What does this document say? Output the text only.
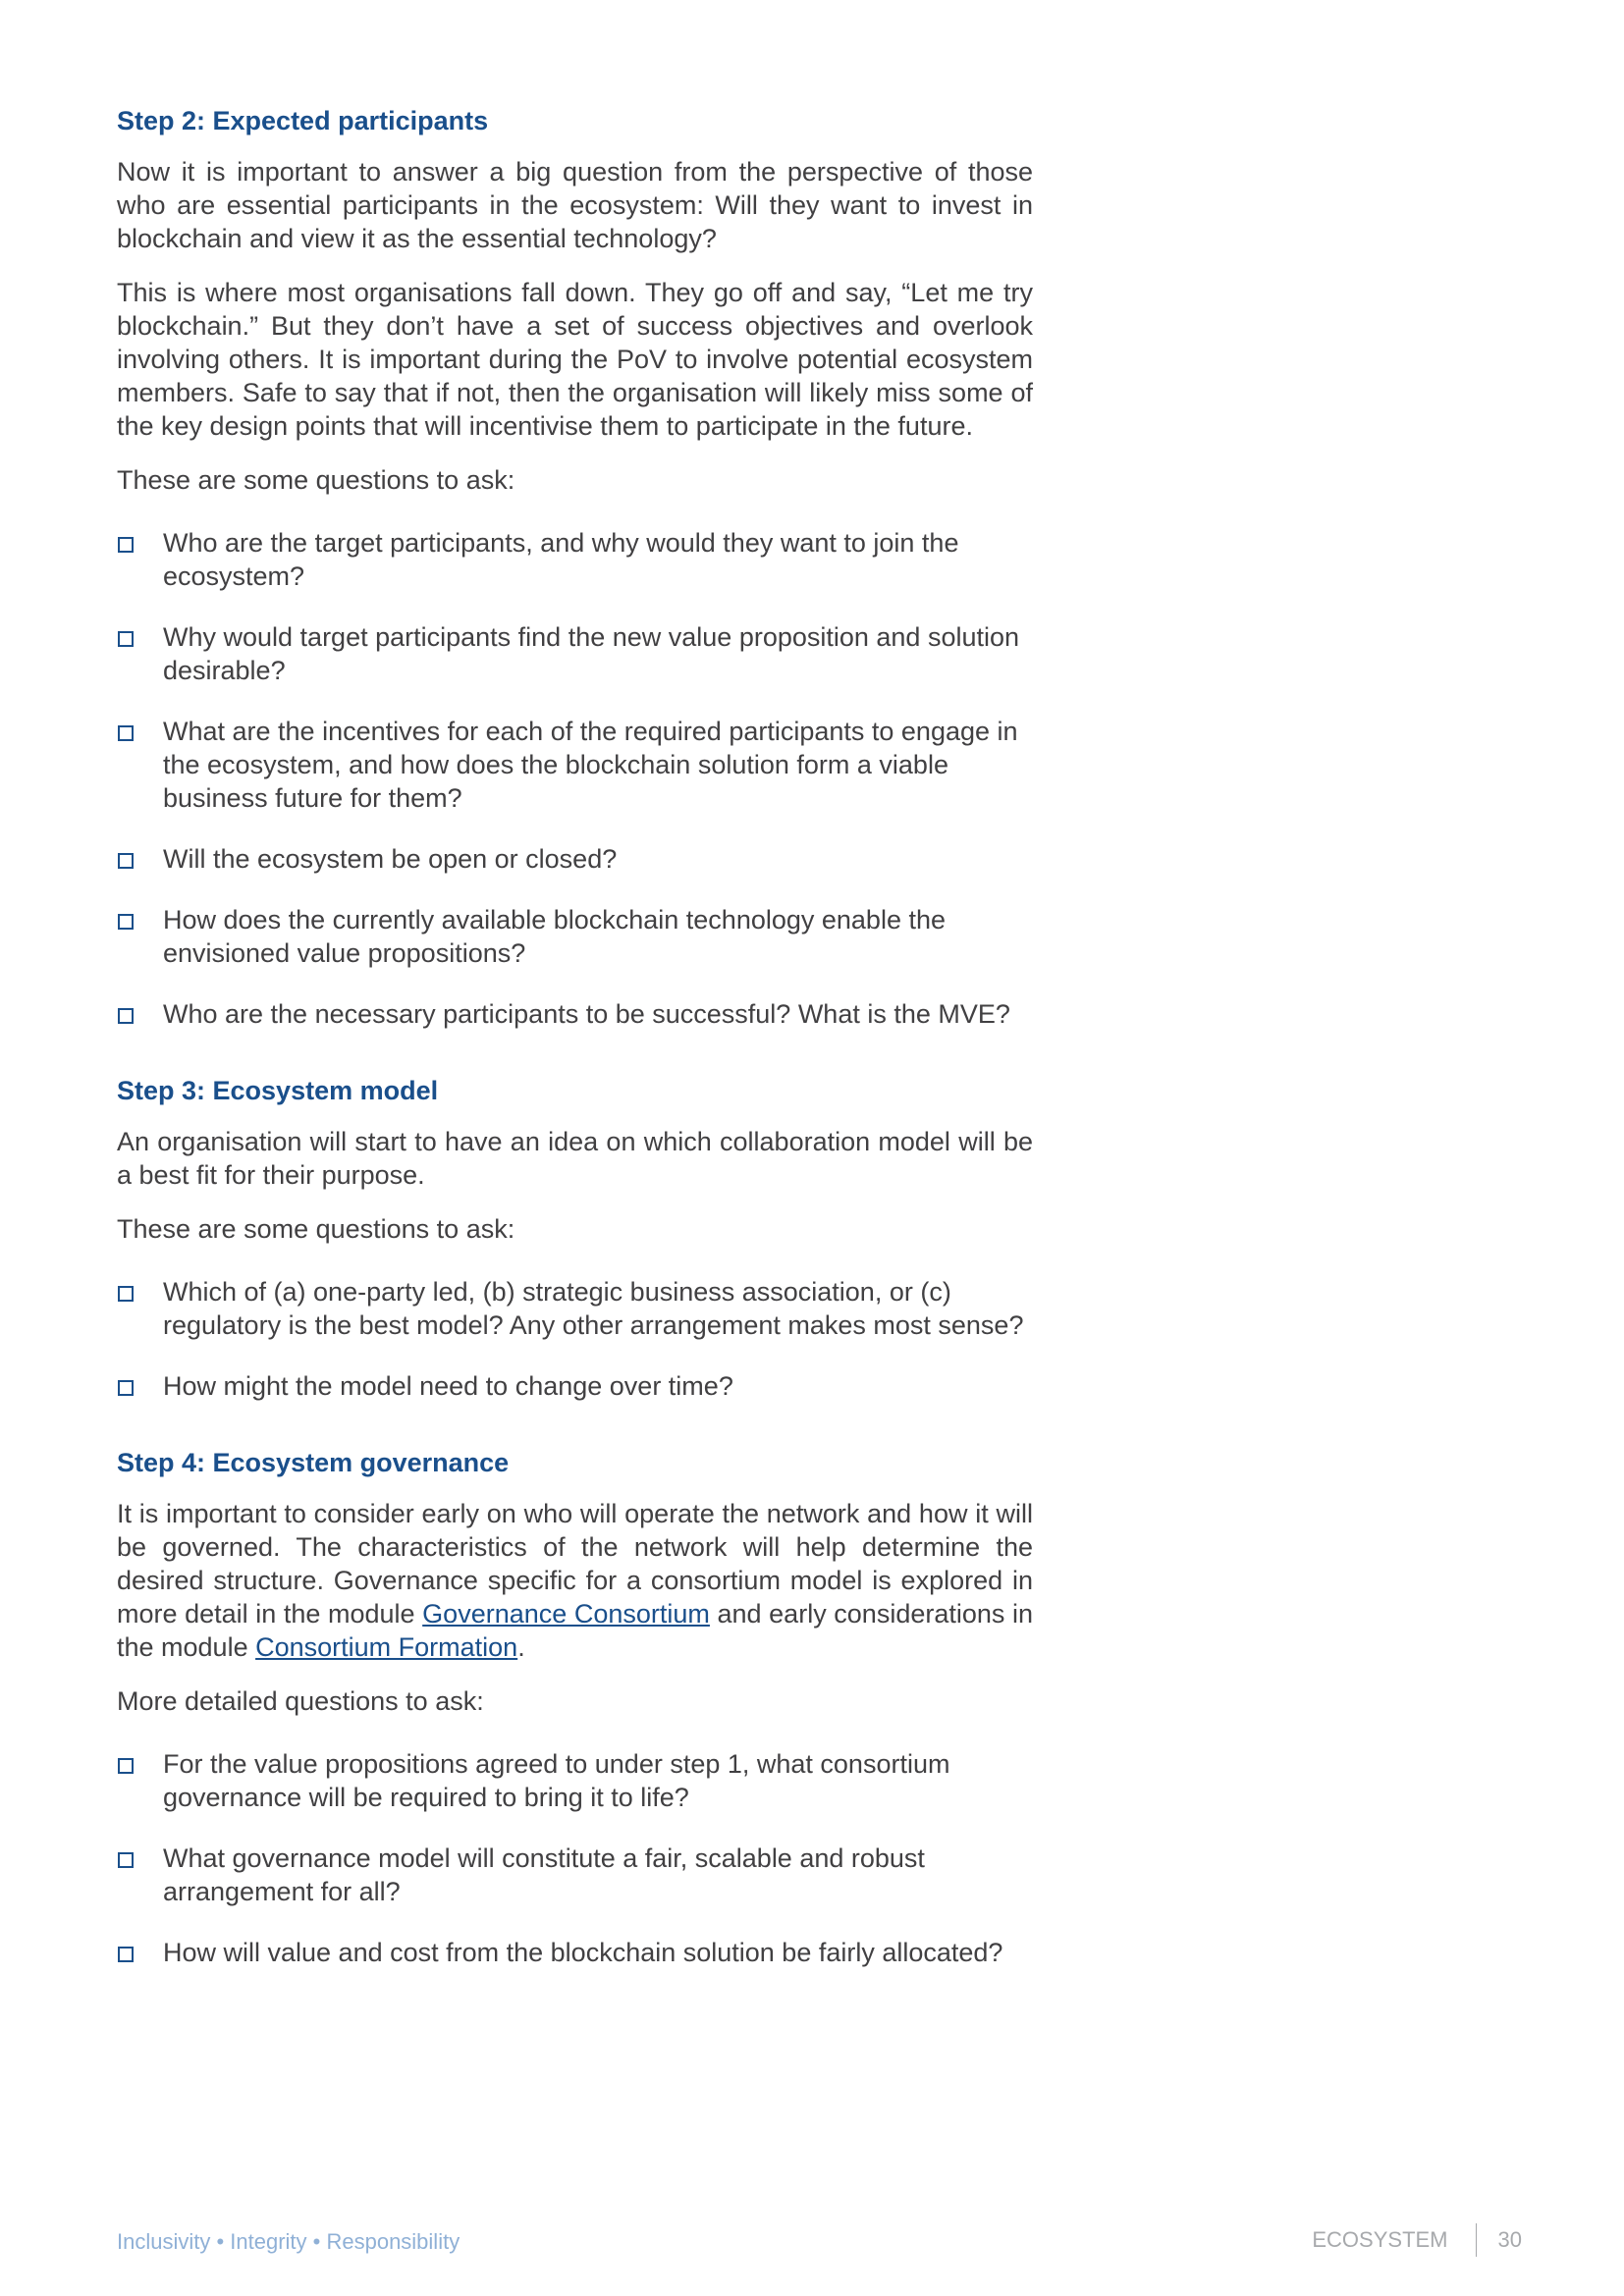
Step 2: Expected participants

Now it is important to answer a big question from the perspective of those who are essential participants in the ecosystem: Will they want to invest in blockchain and view it as the essential technology?

This is where most organisations fall down. They go off and say, “Let me try blockchain.” But they don’t have a set of success objectives and overlook involving others. It is important during the PoV to involve potential ecosystem members. Safe to say that if not, then the organisation will likely miss some of the key design points that will incentivise them to participate in the future.

These are some questions to ask:

Who are the target participants, and why would they want to join the ecosystem?
Why would target participants find the new value proposition and solution desirable?
What are the incentives for each of the required participants to engage in the ecosystem, and how does the blockchain solution form a viable business future for them?
Will the ecosystem be open or closed?
How does the currently available blockchain technology enable the envisioned value propositions?
Who are the necessary participants to be successful? What is the MVE?
Step 3: Ecosystem model

An organisation will start to have an idea on which collaboration model will be a best fit for their purpose.

These are some questions to ask:

Which of (a) one-party led, (b) strategic business association, or (c) regulatory is the best model? Any other arrangement makes most sense?
How might the model need to change over time?
Step 4: Ecosystem governance

It is important to consider early on who will operate the network and how it will be governed. The characteristics of the network will help determine the desired structure. Governance specific for a consortium model is explored in more detail in the module Governance Consortium and early considerations in the module Consortium Formation.

More detailed questions to ask:

For the value propositions agreed to under step 1, what consortium governance will be required to bring it to life?
What governance model will constitute a fair, scalable and robust arrangement for all?
How will value and cost from the blockchain solution be fairly allocated?
Inclusivity • Integrity • Responsibility	ECOSYSTEM 30
